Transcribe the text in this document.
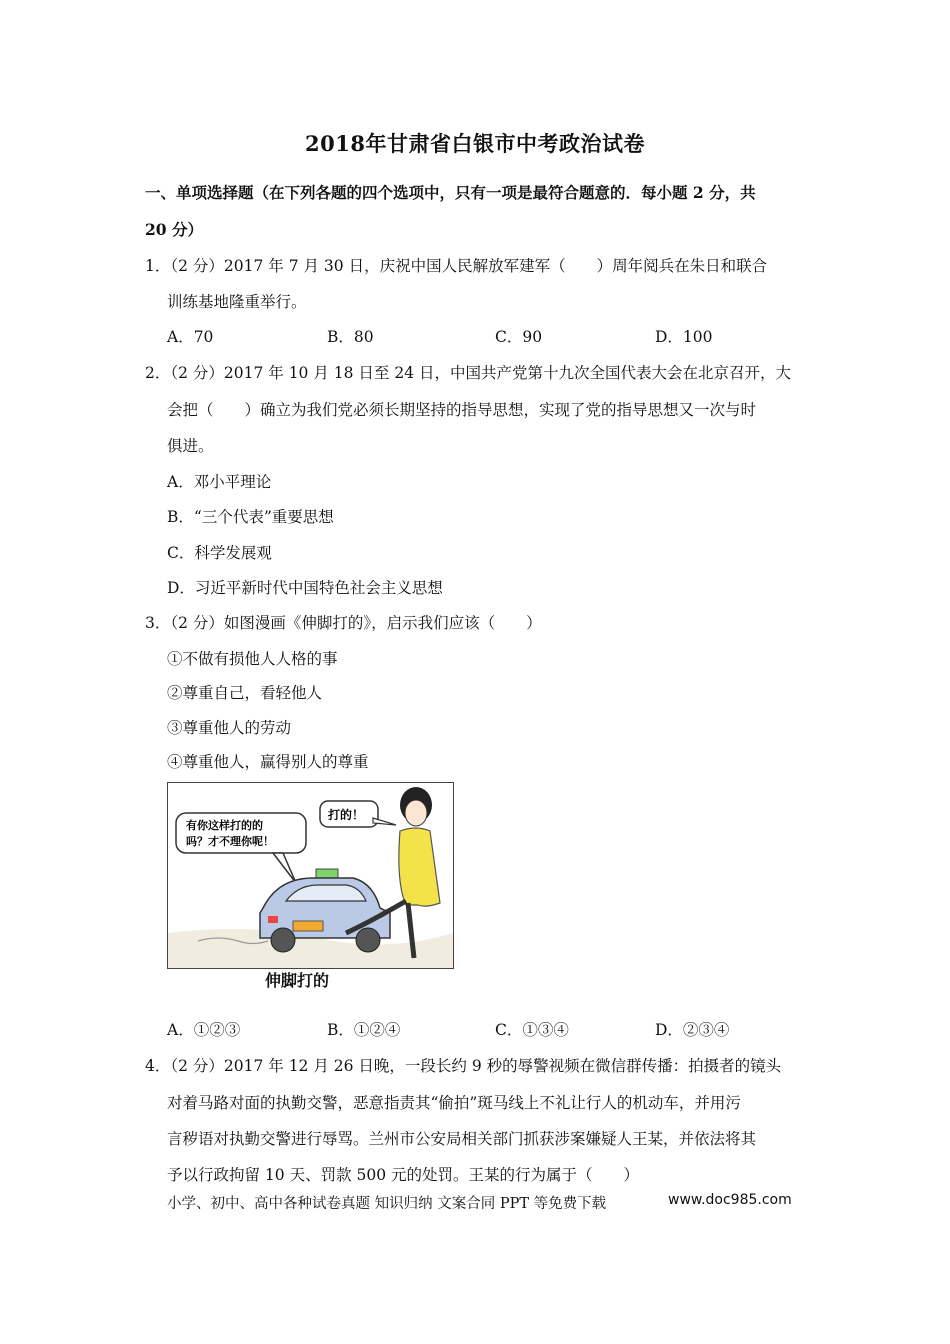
2018年甘肃省白银市中考政治试卷
一、单项选择题（在下列各题的四个选项中，只有一项是最符合题意的．每小题 2 分，共
20 分）
1．（2 分）2017 年 7 月 30 日，庆祝中国人民解放军建军（　　）周年阅兵在朱日和联合
训练基地隆重举行。
A．70	B．80	C．90	D．100
2．（2 分）2017 年 10 月 18 日至 24 日，中国共产党第十九次全国代表大会在北京召开，大
会把（　　）确立为我们党必须长期坚持的指导思想，实现了党的指导思想又一次与时
俱进。
A．邓小平理论
B．“三个代表”重要思想
C．科学发展观
D．习近平新时代中国特色社会主义思想
3．（2 分）如图漫画《伸脚打的》，启示我们应该（　　）
①不做有损他人人格的事
②尊重自己，看轻他人
③尊重他人的劳动
④尊重他人，赢得别人的尊重
有你这样打的的
吗？才不理你呢！
打的！
伸脚打的
A．①②③	B．①②④	C．①③④	D．②③④
4．（2 分）2017 年 12 月 26 日晚，一段长约 9 秒的辱警视频在微信群传播：拍摄者的镜头
对着马路对面的执勤交警，恶意指责其“偷拍”斑马线上不礼让行人的机动车，并用污
言秽语对执勤交警进行辱骂。兰州市公安局相关部门抓获涉案嫌疑人王某，并依法将其
予以行政拘留 10 天、罚款 500 元的处罚。王某的行为属于（　　）
小学、初中、高中各种试卷真题 知识归纳 文案合同 PPT 等免费下载	www.doc985.com
